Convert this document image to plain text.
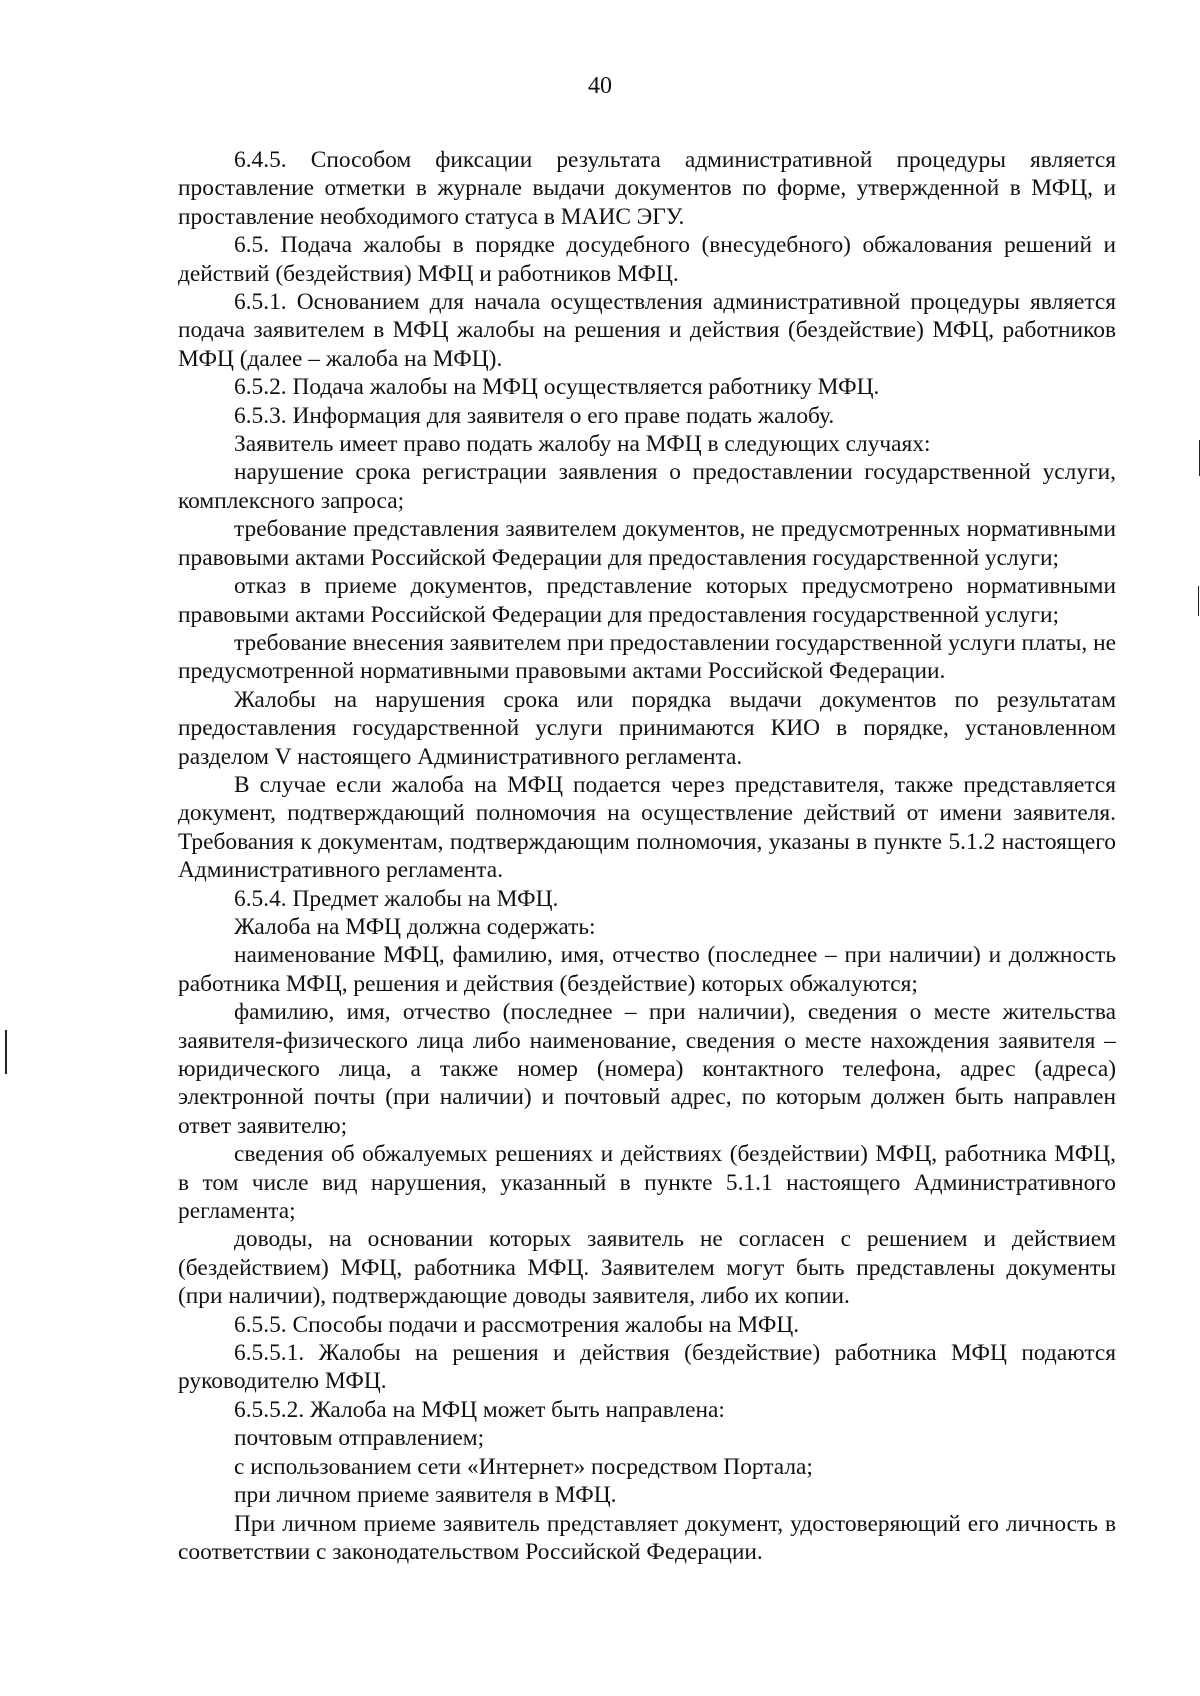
40

6.4.5. Способом фиксации результата административной процедуры является проставление отметки в журнале выдачи документов по форме, утвержденной в МФЦ, и проставление необходимого статуса в МАИС ЭГУ.

6.5. Подача жалобы в порядке досудебного (внесудебного) обжалования решений и действий (бездействия) МФЦ и работников МФЦ.

6.5.1. Основанием для начала осуществления административной процедуры является подача заявителем в МФЦ жалобы на решения и действия (бездействие) МФЦ, работников МФЦ (далее – жалоба на МФЦ).

6.5.2. Подача жалобы на МФЦ осуществляется работнику МФЦ.

6.5.3. Информация для заявителя о его праве подать жалобу.

Заявитель имеет право подать жалобу на МФЦ в следующих случаях:

нарушение срока регистрации заявления о предоставлении государственной услуги, комплексного запроса;

требование представления заявителем документов, не предусмотренных нормативными правовыми актами Российской Федерации для предоставления государственной услуги;

отказ в приеме документов, представление которых предусмотрено нормативными правовыми актами Российской Федерации для предоставления государственной услуги;

требование внесения заявителем при предоставлении государственной услуги платы, не предусмотренной нормативными правовыми актами Российской Федерации.

Жалобы на нарушения срока или порядка выдачи документов по результатам предоставления государственной услуги принимаются КИО в порядке, установленном разделом V настоящего Административного регламента.

В случае если жалоба на МФЦ подается через представителя, также представляется документ, подтверждающий полномочия на осуществление действий от имени заявителя. Требования к документам, подтверждающим полномочия, указаны в пункте 5.1.2 настоящего Административного регламента.

6.5.4. Предмет жалобы на МФЦ.

Жалоба на МФЦ должна содержать:

наименование МФЦ, фамилию, имя, отчество (последнее – при наличии) и должность работника МФЦ, решения и действия (бездействие) которых обжалуются;

фамилию, имя, отчество (последнее – при наличии), сведения о месте жительства заявителя-физического лица либо наименование, сведения о месте нахождения заявителя – юридического лица, а также номер (номера) контактного телефона, адрес (адреса) электронной почты (при наличии) и почтовый адрес, по которым должен быть направлен ответ заявителю;

сведения об обжалуемых решениях и действиях (бездействии) МФЦ, работника МФЦ, в том числе вид нарушения, указанный в пункте 5.1.1 настоящего Административного регламента;

доводы, на основании которых заявитель не согласен с решением и действием (бездействием) МФЦ, работника МФЦ. Заявителем могут быть представлены документы (при наличии), подтверждающие доводы заявителя, либо их копии.

6.5.5. Способы подачи и рассмотрения жалобы на МФЦ.

6.5.5.1. Жалобы на решения и действия (бездействие) работника МФЦ подаются руководителю МФЦ.

6.5.5.2. Жалоба на МФЦ может быть направлена:

почтовым отправлением;

с использованием сети «Интернет» посредством Портала;

при личном приеме заявителя в МФЦ.

При личном приеме заявитель представляет документ, удостоверяющий его личность в соответствии с законодательством Российской Федерации.
